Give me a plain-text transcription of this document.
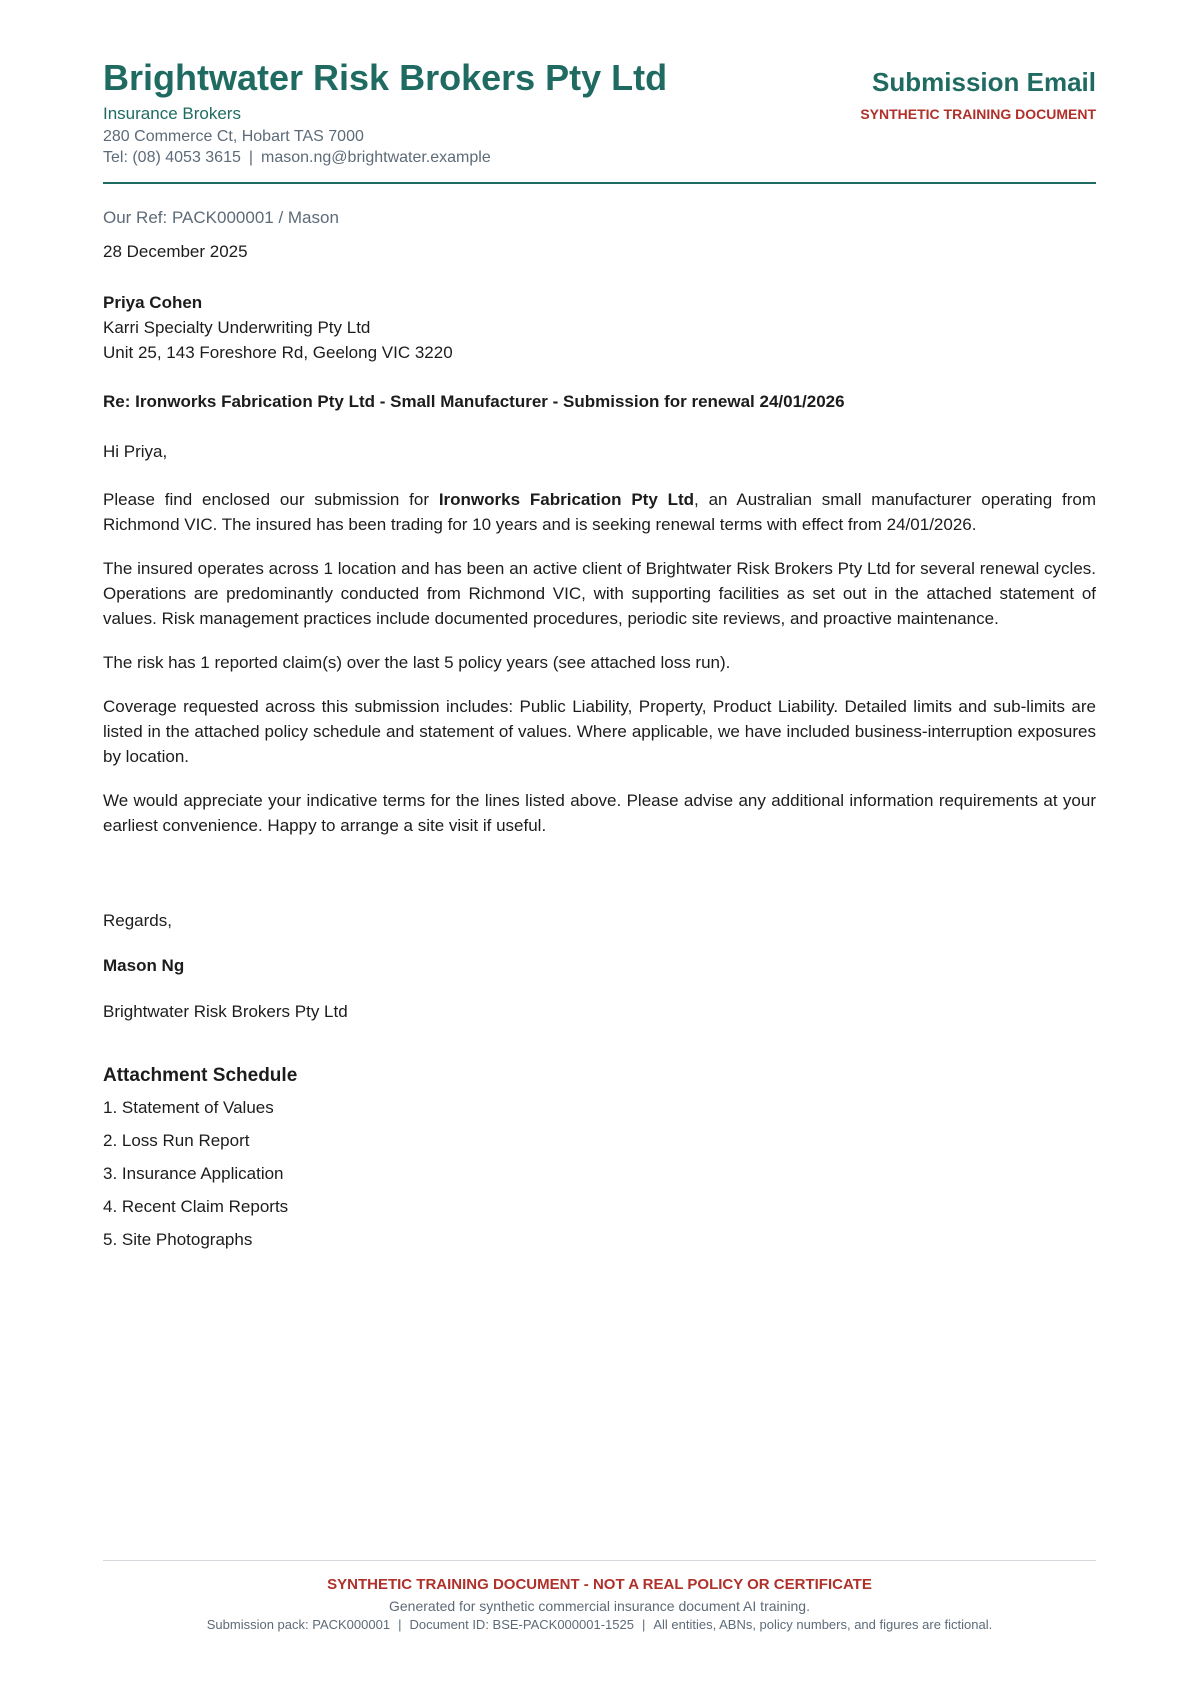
Brightwater Risk Brokers Pty Ltd
Insurance Brokers
280 Commerce Ct, Hobart TAS 7000
Tel: (08) 4053 3615 | mason.ng@brightwater.example
Submission Email
SYNTHETIC TRAINING DOCUMENT
Our Ref: PACK000001 / Mason
28 December 2025
Priya Cohen
Karri Specialty Underwriting Pty Ltd
Unit 25, 143 Foreshore Rd, Geelong VIC 3220
Re: Ironworks Fabrication Pty Ltd - Small Manufacturer - Submission for renewal 24/01/2026
Hi Priya,

Please find enclosed our submission for Ironworks Fabrication Pty Ltd, an Australian small manufacturer operating from Richmond VIC. The insured has been trading for 10 years and is seeking renewal terms with effect from 24/01/2026.

The insured operates across 1 location and has been an active client of Brightwater Risk Brokers Pty Ltd for several renewal cycles. Operations are predominantly conducted from Richmond VIC, with supporting facilities as set out in the attached statement of values. Risk management practices include documented procedures, periodic site reviews, and proactive maintenance.

The risk has 1 reported claim(s) over the last 5 policy years (see attached loss run).

Coverage requested across this submission includes: Public Liability, Property, Product Liability. Detailed limits and sub-limits are listed in the attached policy schedule and statement of values. Where applicable, we have included business-interruption exposures by location.

We would appreciate your indicative terms for the lines listed above. Please advise any additional information requirements at your earliest convenience. Happy to arrange a site visit if useful.

Regards,
Mason Ng
Brightwater Risk Brokers Pty Ltd
Attachment Schedule
1. Statement of Values
2. Loss Run Report
3. Insurance Application
4. Recent Claim Reports
5. Site Photographs
SYNTHETIC TRAINING DOCUMENT - NOT A REAL POLICY OR CERTIFICATE
Generated for synthetic commercial insurance document AI training.
Submission pack: PACK000001 | Document ID: BSE-PACK000001-1525 | All entities, ABNs, policy numbers, and figures are fictional.
